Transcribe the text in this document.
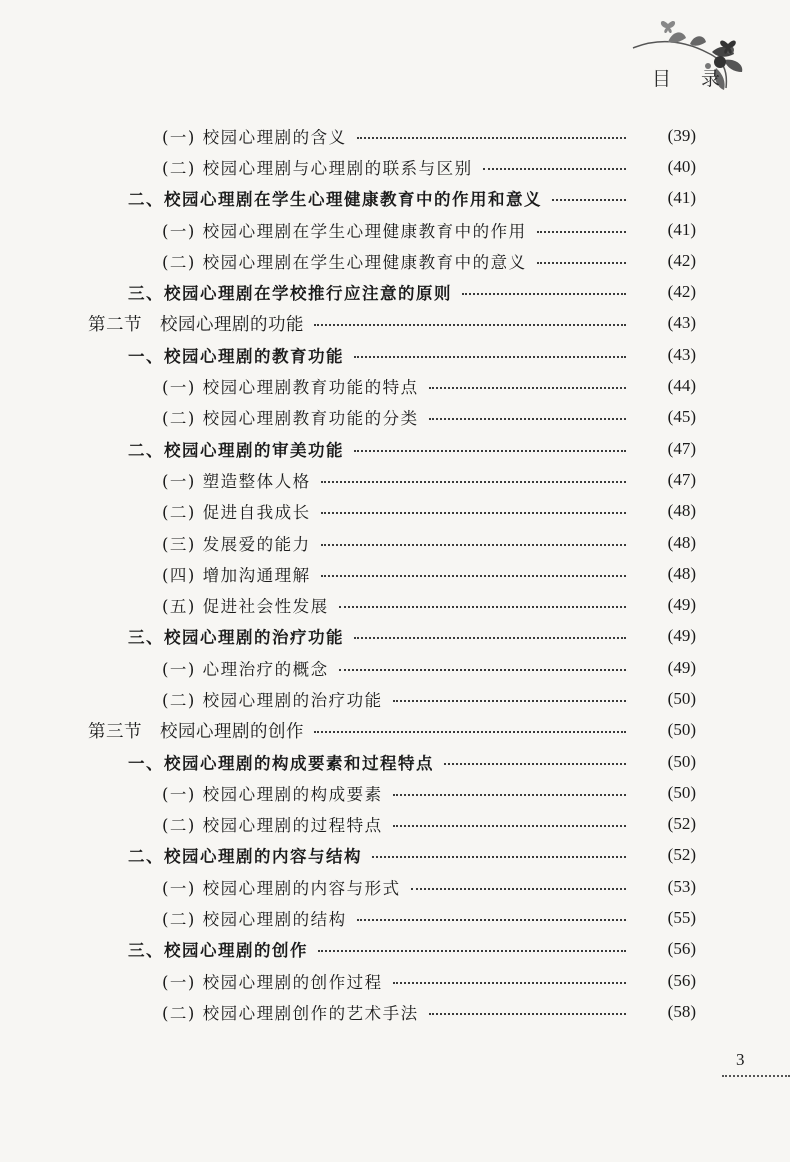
目 录
(一) 校园心理剧的含义	(39)
(二) 校园心理剧与心理剧的联系与区别	(40)
二、校园心理剧在学生心理健康教育中的作用和意义	(41)
(一) 校园心理剧在学生心理健康教育中的作用	(41)
(二) 校园心理剧在学生心理健康教育中的意义	(42)
三、校园心理剧在学校推行应注意的原则	(42)
第二节　校园心理剧的功能	(43)
一、校园心理剧的教育功能	(43)
(一) 校园心理剧教育功能的特点	(44)
(二) 校园心理剧教育功能的分类	(45)
二、校园心理剧的审美功能	(47)
(一) 塑造整体人格	(47)
(二) 促进自我成长	(48)
(三) 发展爱的能力	(48)
(四) 增加沟通理解	(48)
(五) 促进社会性发展	(49)
三、校园心理剧的治疗功能	(49)
(一) 心理治疗的概念	(49)
(二) 校园心理剧的治疗功能	(50)
第三节　校园心理剧的创作	(50)
一、校园心理剧的构成要素和过程特点	(50)
(一) 校园心理剧的构成要素	(50)
(二) 校园心理剧的过程特点	(52)
二、校园心理剧的内容与结构	(52)
(一) 校园心理剧的内容与形式	(53)
(二) 校园心理剧的结构	(55)
三、校园心理剧的创作	(56)
(一) 校园心理剧的创作过程	(56)
(二) 校园心理剧创作的艺术手法	(58)
3
